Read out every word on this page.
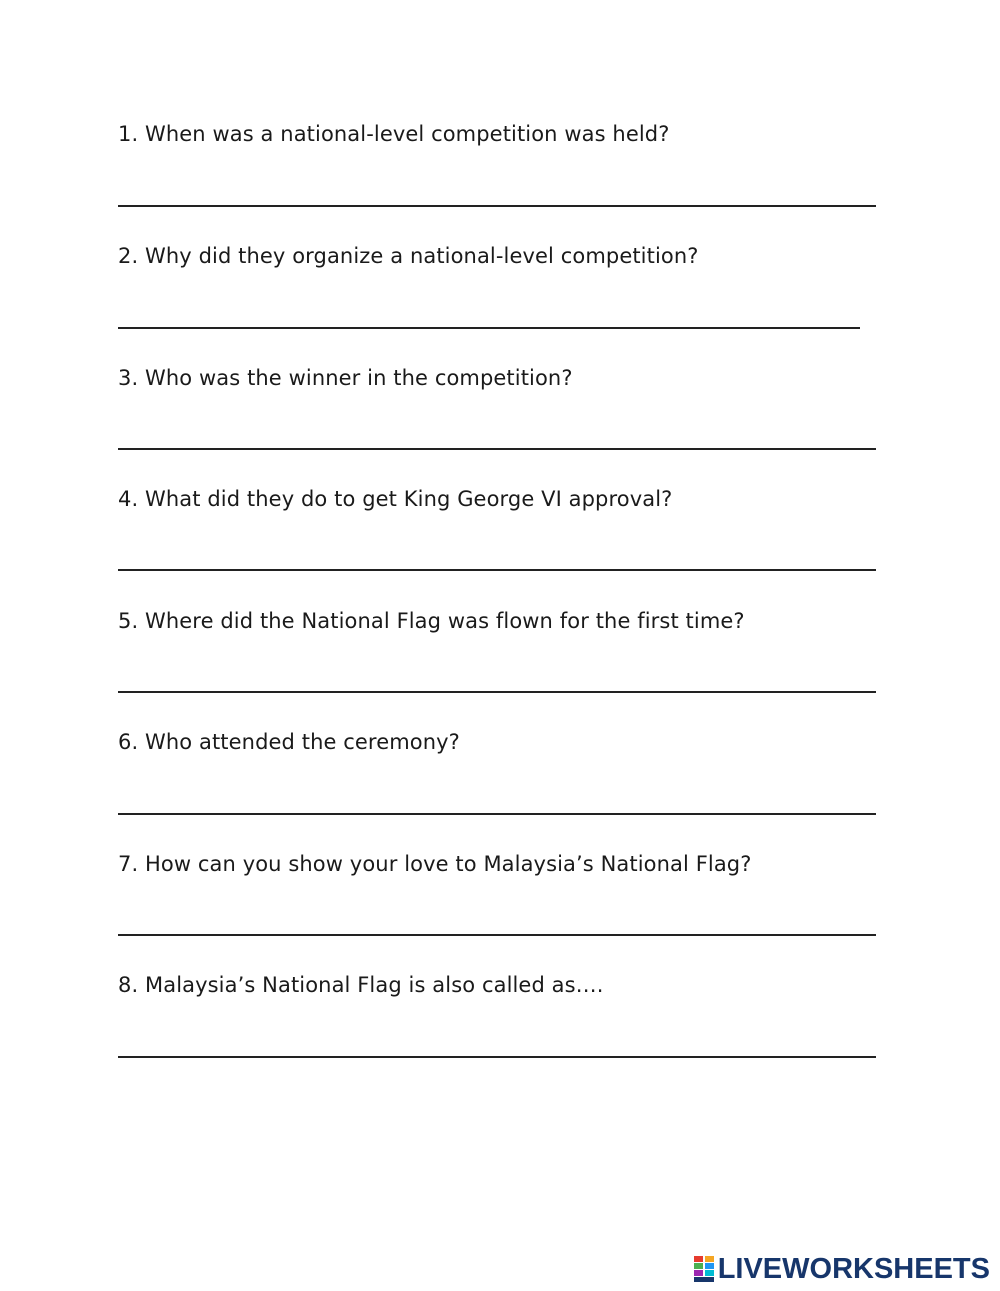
1. When was a national-level competition was held?
2. Why did they organize a national-level competition?
3. Who was the winner in the competition?
4. What did they do to get King George VI approval?
5. Where did the National Flag was flown for the first time?
6. Who attended the ceremony?
7. How can you show your love to Malaysia’s National Flag?
8. Malaysia’s National Flag is also called as….
LIVEWORKSHEETS
